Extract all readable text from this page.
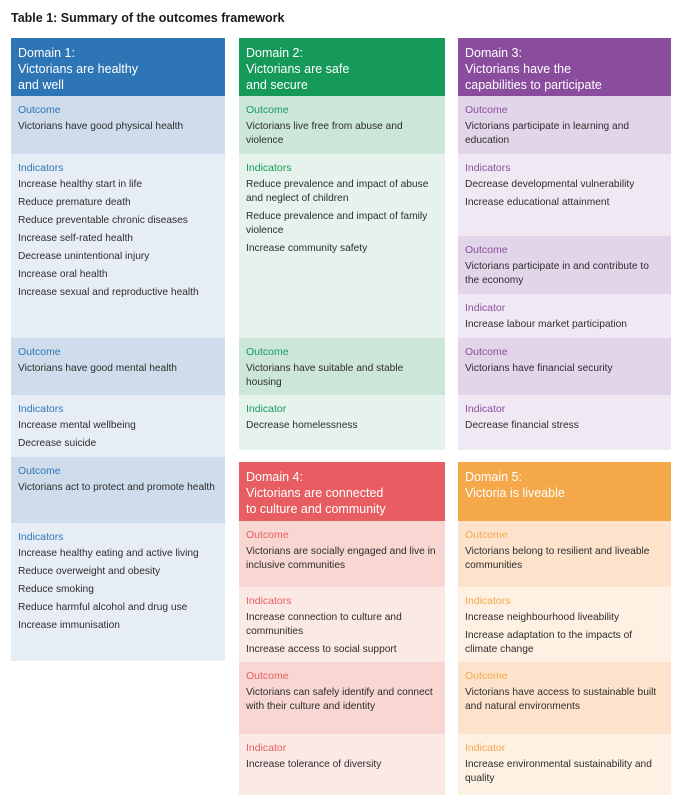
Table 1: Summary of the outcomes framework
Domain 1:
Victorians are healthy
and well
Outcome
Victorians have good physical health
Indicators
Increase healthy start in life
Reduce premature death
Reduce preventable chronic diseases
Increase self-rated health
Decrease unintentional injury
Increase oral health
Increase sexual and reproductive health
Outcome
Victorians have good mental health
Indicators
Increase mental wellbeing
Decrease suicide
Outcome
Victorians act to protect and promote health
Indicators
Increase healthy eating and active living
Reduce overweight and obesity
Reduce smoking
Reduce harmful alcohol and drug use
Increase immunisation
Domain 2:
Victorians are safe
and secure
Outcome
Victorians live free from abuse and violence
Indicators
Reduce prevalence and impact of abuse and neglect of children
Reduce prevalence and impact of family violence
Increase community safety
Outcome
Victorians have suitable and stable housing
Indicator
Decrease homelessness
Domain 3:
Victorians have the
capabilities to participate
Outcome
Victorians participate in learning and education
Indicators
Decrease developmental vulnerability
Increase educational attainment
Outcome
Victorians participate in and contribute to the economy
Indicator
Increase labour market participation
Outcome
Victorians have financial security
Indicator
Decrease financial stress
Domain 4:
Victorians are connected
to culture and community
Outcome
Victorians are socially engaged and live in inclusive communities
Indicators
Increase connection to culture and communities
Increase access to social support
Outcome
Victorians can safely identify and connect with their culture and identity
Indicator
Increase tolerance of diversity
Domain 5:
Victoria is liveable
Outcome
Victorians belong to resilient and liveable communities
Indicators
Increase neighbourhood liveability
Increase adaptation to the impacts of climate change
Outcome
Victorians have access to sustainable built and natural environments
Indicator
Increase environmental sustainability and quality
